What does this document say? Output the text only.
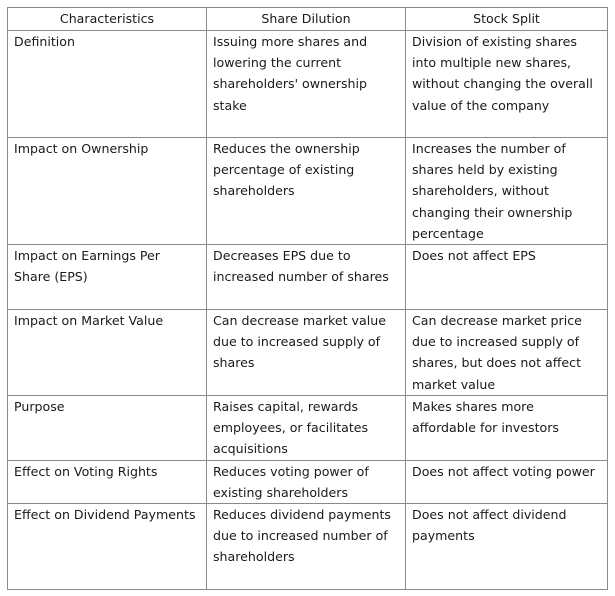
Characteristics	Share Dilution	Stock Split
Definition	Issuing more shares and lowering the current shareholders' ownership stake	Division of existing shares into multiple new shares, without changing the overall value of the company
Impact on Ownership	Reduces the ownership percentage of existing shareholders	Increases the number of shares held by existing shareholders, without changing their ownership percentage
Impact on Earnings Per Share (EPS)	Decreases EPS due to increased number of shares	Does not affect EPS
Impact on Market Value	Can decrease market value due to increased supply of shares	Can decrease market price due to increased supply of shares, but does not affect market value
Purpose	Raises capital, rewards employees, or facilitates acquisitions	Makes shares more affordable for investors
Effect on Voting Rights	Reduces voting power of existing shareholders	Does not affect voting power
Effect on Dividend Payments	Reduces dividend payments due to increased number of shareholders	Does not affect dividend payments
